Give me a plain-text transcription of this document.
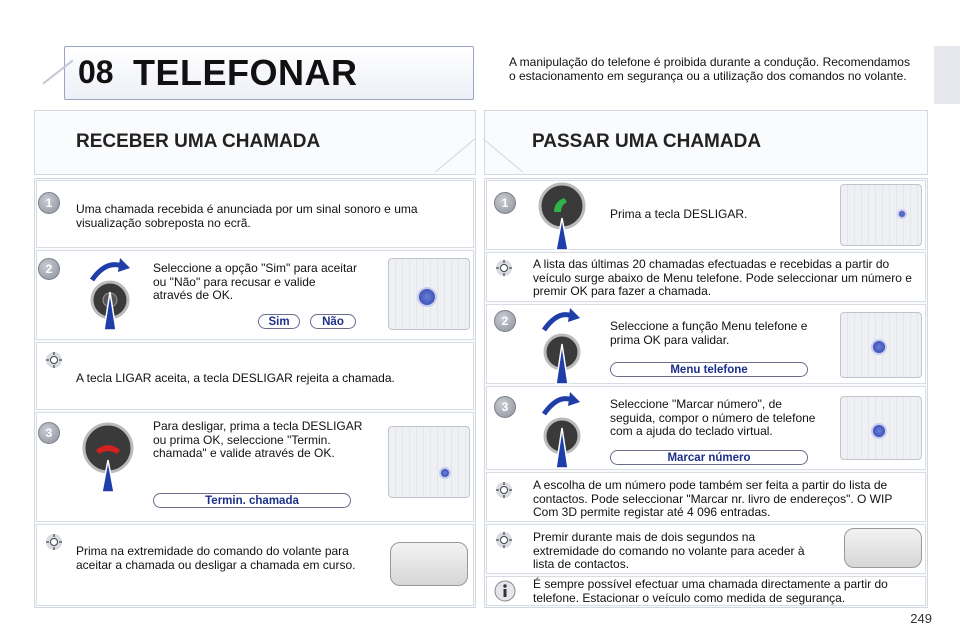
08 TELEFONAR	A manipulação do telefone é proibida durante a condução. Recomendamos o estacionamento em segurança ou a utilização dos comandos no volante.
RECEBER UMA CHAMADA
1	Uma chamada recebida é anunciada por um sinal sonoro e uma visualização sobreposta no ecrã.
2	Seleccione a opção "Sim" para aceitar ou "Não" para recusar e valide através de OK.
Sim	Não
A tecla LIGAR aceita, a tecla DESLIGAR rejeita a chamada.
3	Para desligar, prima a tecla DESLIGAR ou prima OK, seleccione "Termin. chamada" e valide através de OK.
Termin. chamada
Prima na extremidade do comando do volante para aceitar a chamada ou desligar a chamada em curso.
PASSAR UMA CHAMADA
1
Prima a tecla DESLIGAR.
A lista das últimas 20 chamadas efectuadas e recebidas a partir do veículo surge abaixo de Menu telefone. Pode seleccionar um número e premir OK para fazer a chamada.
2	Seleccione a função Menu telefone e prima OK para validar.
Menu telefone
3	Seleccione "Marcar número", de seguida, compor o número de telefone com a ajuda do teclado virtual.
Marcar número
A escolha de um número pode também ser feita a partir do lista de contactos. Pode seleccionar "Marcar nr. livro de endereços". O WIP Com 3D permite registar até 4 096 entradas.
Premir durante mais de dois segundos na extremidade do comando no volante para aceder à lista de contactos.
É sempre possível efectuar uma chamada directamente a partir do telefone. Estacionar o veículo como medida de segurança.
249
